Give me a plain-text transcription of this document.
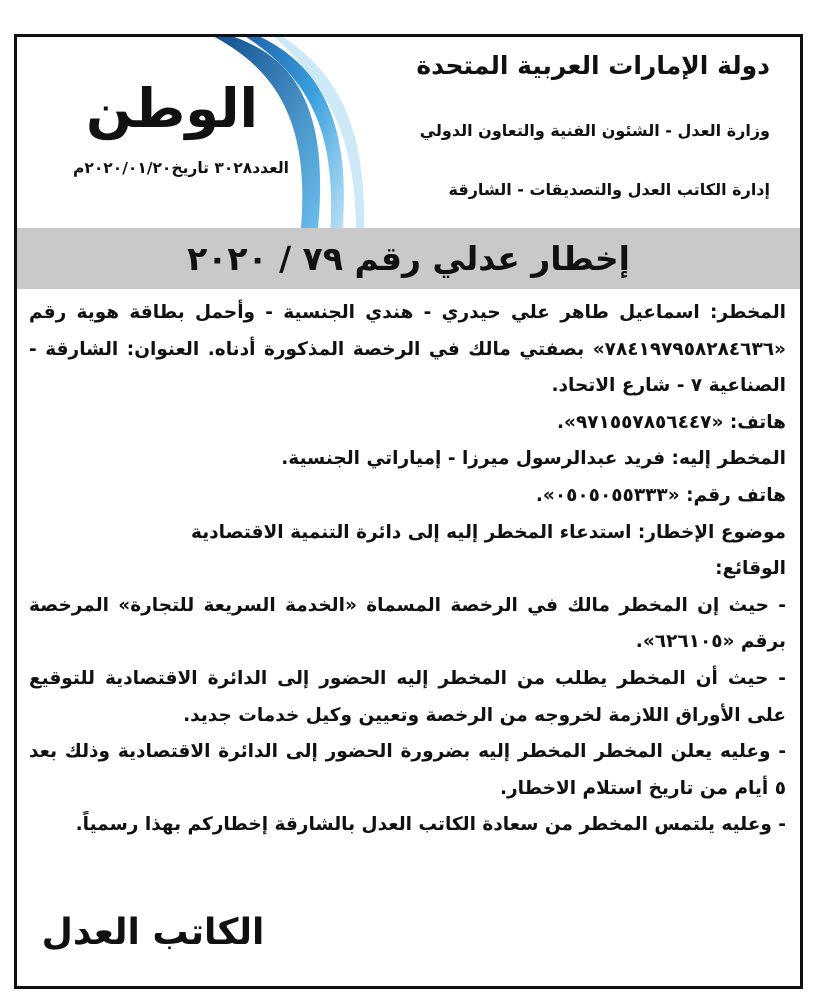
دولة الإمارات العربية المتحدة
وزارة العدل - الشئون الفنية والتعاون الدولي
إدارة الكاتب العدل والتصديقات - الشارقة
الوطن
العدد٣٠٢٨ تاريخ٢٠٢٠/٠١/٢٠م
إخطار عدلي رقم ٧٩ / ٢٠٢٠

المخطر: اسماعيل طاهر علي حيدري - هندي الجنسية - وأحمل بطاقة هوية رقم «٧٨٤١٩٧٩٥٨٢٨٤٦٣٦» بصفتي مالك في الرخصة المذكورة أدناه. العنوان: الشارقة - الصناعية ٧ - شارع الاتحاد.

هاتف: «٩٧١٥٥٧٨٥٦٤٤٧».

المخطر إليه: فريد عبدالرسول ميرزا - إمياراتي الجنسية.

هاتف رقم: «٠٥٠٥٠٥٥٣٣٣».

موضوع الإخطار: استدعاء المخطر إليه إلى دائرة التنمية الاقتصادية

الوقائع:

- حيث إن المخطر مالك في الرخصة المسماة «الخدمة السريعة للتجارة» المرخصة برقم «٦٢٦١٠٥».

- حيث أن المخطر يطلب من المخطر إليه الحضور إلى الدائرة الاقتصادية للتوقيع على الأوراق اللازمة لخروجه من الرخصة وتعيين وكيل خدمات جديد.

- وعليه يعلن المخطر المخطر إليه بضرورة الحضور إلى الدائرة الاقتصادية وذلك بعد ٥ أيام من تاريخ استلام الاخطار.

- وعليه يلتمس المخطر من سعادة الكاتب العدل بالشارقة إخطاركم بهذا رسمياً.

الكاتب العدل
